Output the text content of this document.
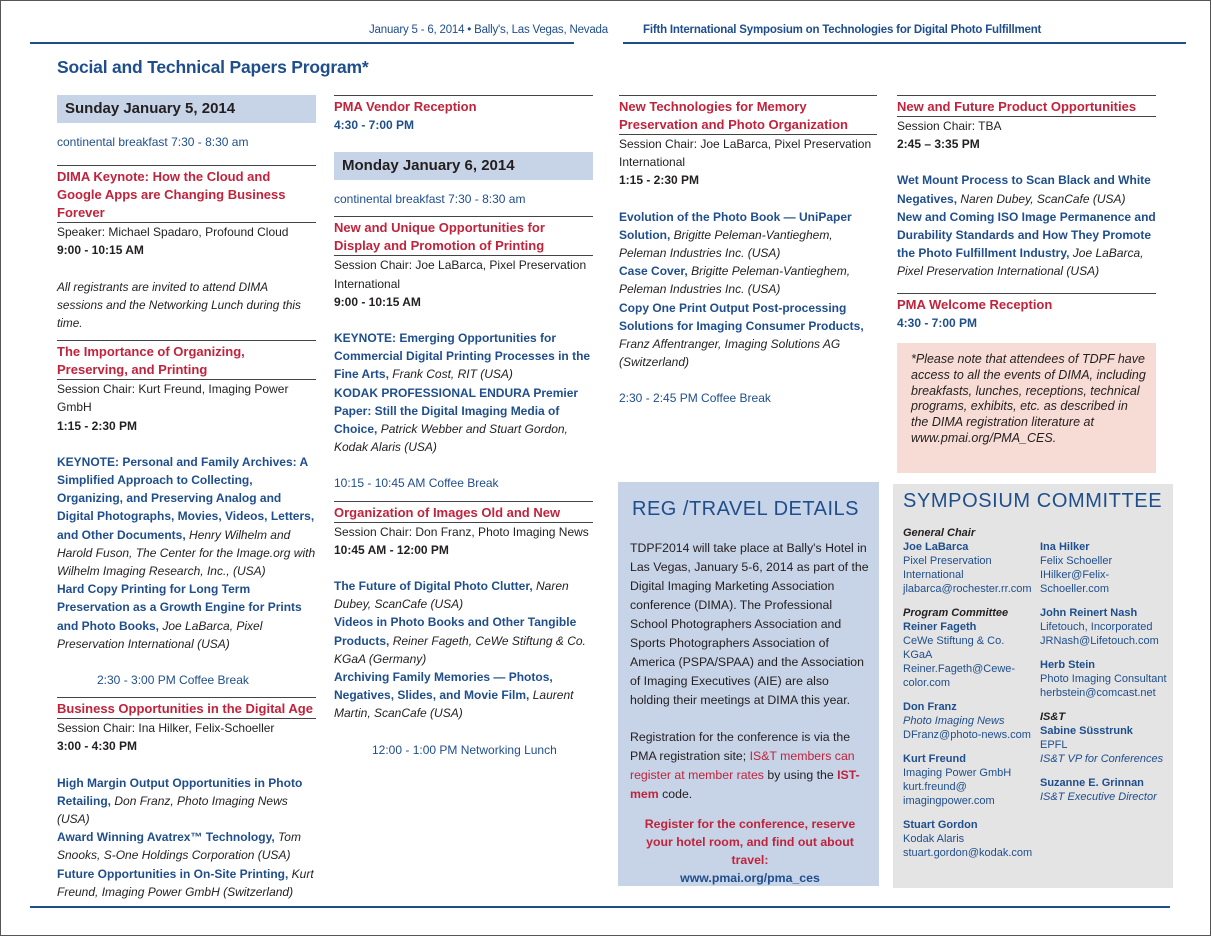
January 5 - 6, 2014 • Bally's, Las Vegas, Nevada	Fifth International Symposium on Technologies for Digital Photo Fulfillment
Social and Technical Papers Program*
Sunday January 5, 2014

continental breakfast 7:30 - 8:30 am

DIMA Keynote: How the Cloud and Google Apps are Changing Business Forever

Speaker: Michael Spadaro, Profound Cloud

9:00 - 10:15 AM

All registrants are invited to attend DIMA sessions and the Networking Lunch during this time.

The Importance of Organizing, Preserving, and Printing

Session Chair: Kurt Freund, Imaging Power GmbH

1:15 - 2:30 PM

KEYNOTE: Personal and Family Archives: A Simplified Approach to Collecting, Organizing, and Preserving Analog and Digital Photographs, Movies, Videos, Letters, and Other Documents, Henry Wilhelm and Harold Fuson, The Center for the Image.org with Wilhelm Imaging Research, Inc., (USA)

Hard Copy Printing for Long Term Preservation as a Growth Engine for Prints and Photo Books, Joe LaBarca, Pixel Preservation International (USA)

2:30 - 3:00 PM Coffee Break

Business Opportunities in the Digital Age

Session Chair: Ina Hilker, Felix-Schoeller

3:00 - 4:30 PM

High Margin Output Opportunities in Photo Retailing, Don Franz, Photo Imaging News (USA)

Award Winning Avatrex™ Technology, Tom Snooks, S-One Holdings Corporation (USA)

Future Opportunities in On-Site Printing, Kurt Freund, Imaging Power GmbH (Switzerland)

PMA Vendor Reception

4:30 - 7:00 PM

Monday January 6, 2014

continental breakfast 7:30 - 8:30 am

New and Unique Opportunities for Display and Promotion of Printing

Session Chair: Joe LaBarca, Pixel Preservation International

9:00 - 10:15 AM

KEYNOTE: Emerging Opportunities for Commercial Digital Printing Processes in the Fine Arts, Frank Cost, RIT (USA)

KODAK PROFESSIONAL ENDURA Premier Paper: Still the Digital Imaging Media of Choice, Patrick Webber and Stuart Gordon, Kodak Alaris (USA)

10:15 - 10:45 AM Coffee Break

Organization of Images Old and New

Session Chair: Don Franz, Photo Imaging News

10:45 AM - 12:00 PM

The Future of Digital Photo Clutter, Naren Dubey, ScanCafe (USA)

Videos in Photo Books and Other Tangible Products, Reiner Fageth, CeWe Stiftung & Co. KGaA (Germany)

Archiving Family Memories — Photos, Negatives, Slides, and Movie Film, Laurent Martin, ScanCafe (USA)

12:00 - 1:00 PM Networking Lunch

New Technologies for Memory Preservation and Photo Organization

Session Chair: Joe LaBarca, Pixel Preservation International

1:15 - 2:30 PM

Evolution of the Photo Book — UniPaper Solution, Brigitte Peleman-Vantieghem, Peleman Industries Inc. (USA)

Case Cover, Brigitte Peleman-Vantieghem, Peleman Industries Inc. (USA)

Copy One Print Output Post-processing Solutions for Imaging Consumer Products, Franz Affentranger, Imaging Solutions AG (Switzerland)

2:30 - 2:45 PM Coffee Break

New and Future Product Opportunities

Session Chair: TBA

2:45 – 3:35 PM

Wet Mount Process to Scan Black and White Negatives, Naren Dubey, ScanCafe (USA)

New and Coming ISO Image Permanence and Durability Standards and How They Promote the Photo Fulfillment Industry, Joe LaBarca, Pixel Preservation International (USA)

PMA Welcome Reception

4:30 - 7:00 PM

*Please note that attendees of TDPF have access to all the events of DIMA, including breakfasts, lunches, receptions, technical programs, exhibits, etc. as described in the DIMA registration literature at www.pmai.org/PMA_CES.
REG /TRAVEL DETAILS

TDPF2014 will take place at Bally's Hotel in Las Vegas, January 5-6, 2014 as part of the Digital Imaging Marketing Association conference (DIMA). The Professional School Photographers Association and Sports Photographers Association of America (PSPA/SPAA) and the Association of Imaging Executives (AIE) are also holding their meetings at DIMA this year.

Registration for the conference is via the PMA registration site; IS&T members can register at member rates by using the IST-mem code.

Register for the conference, reserve your hotel room, and find out about travel:

www.pmai.org/pma_ces

SYMPOSIUM COMMITTEE

General Chair

Joe LaBarca

Pixel Preservation

International

jlabarca@rochester.rr.com

Program Committee

Reiner Fageth

CeWe Stiftung & Co.

KGaA

Reiner.Fageth@Cewe-

color.com

Don Franz

Photo Imaging News

DFranz@photo-news.com

Kurt Freund

Imaging Power GmbH

kurt.freund@

imagingpower.com

Stuart Gordon

Kodak Alaris

stuart.gordon@kodak.com

Ina Hilker

Felix Schoeller

IHilker@Felix-

Schoeller.com

John Reinert Nash

Lifetouch, Incorporated

JRNash@Lifetouch.com

Herb Stein

Photo Imaging Consultant

herbstein@comcast.net

IS&T

Sabine Süsstrunk

EPFL

IS&T VP for Conferences

Suzanne E. Grinnan

IS&T Executive Director
